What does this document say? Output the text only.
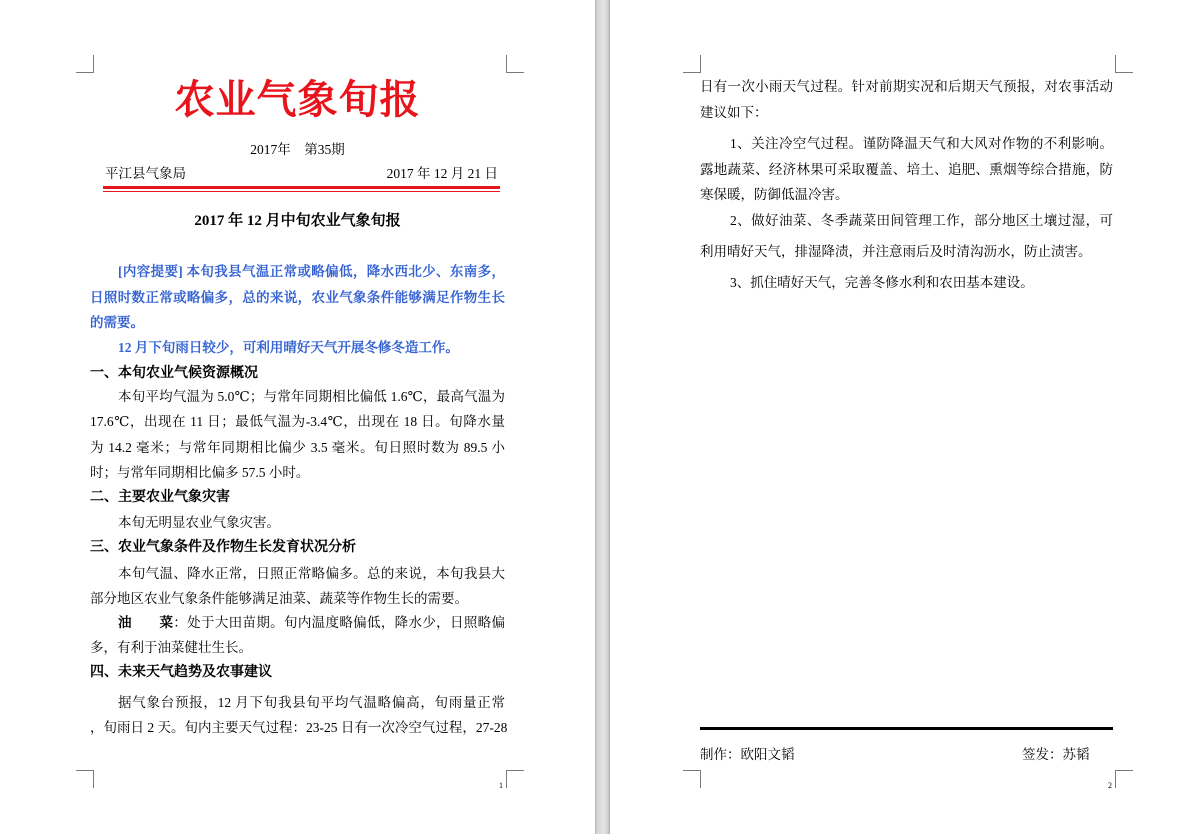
农业气象旬报
2017年　第35期
平江县气象局	2017 年 12 月 21 日
2017 年 12 月中旬农业气象旬报
[内容提要] 本旬我县气温正常或略偏低，降水西北少、东南多，
日照时数正常或略偏多，总的来说，农业气象条件能够满足作物生长
的需要。
12 月下旬雨日较少，可利用晴好天气开展冬修冬造工作。
一、本旬农业气候资源概况
本旬平均气温为 5.0℃；与常年同期相比偏低 1.6℃，最高气温为
17.6℃，出现在 11 日；最低气温为-3.4℃，出现在 18 日。旬降水量
为 14.2 毫米；与常年同期相比偏少 3.5 毫米。旬日照时数为 89.5 小
时；与常年同期相比偏多 57.5 小时。
二、主要农业气象灾害
本旬无明显农业气象灾害。
三、农业气象条件及作物生长发育状况分析
本旬气温、降水正常，日照正常略偏多。总的来说，本旬我县大
部分地区农业气象条件能够满足油菜、蔬菜等作物生长的需要。
油　　菜：处于大田苗期。旬内温度略偏低，降水少，日照略偏
多，有利于油菜健壮生长。
四、未来天气趋势及农事建议
据气象台预报，12 月下旬我县旬平均气温略偏高，旬雨量正常
，旬雨日 2 天。旬内主要天气过程：23-25 日有一次冷空气过程，27-28
1
日有一次小雨天气过程。针对前期实况和后期天气预报，对农事活动
建议如下：
1、关注冷空气过程。谨防降温天气和大风对作物的不利影响。
露地蔬菜、经济林果可采取覆盖、培土、追肥、熏烟等综合措施，防
寒保暖，防御低温冷害。
2、做好油菜、冬季蔬菜田间管理工作，部分地区土壤过湿，可
利用晴好天气，排湿降渍，并注意雨后及时清沟沥水，防止渍害。
3、抓住晴好天气，完善冬修水利和农田基本建设。
制作：欧阳文韬	签发：苏韬
2
